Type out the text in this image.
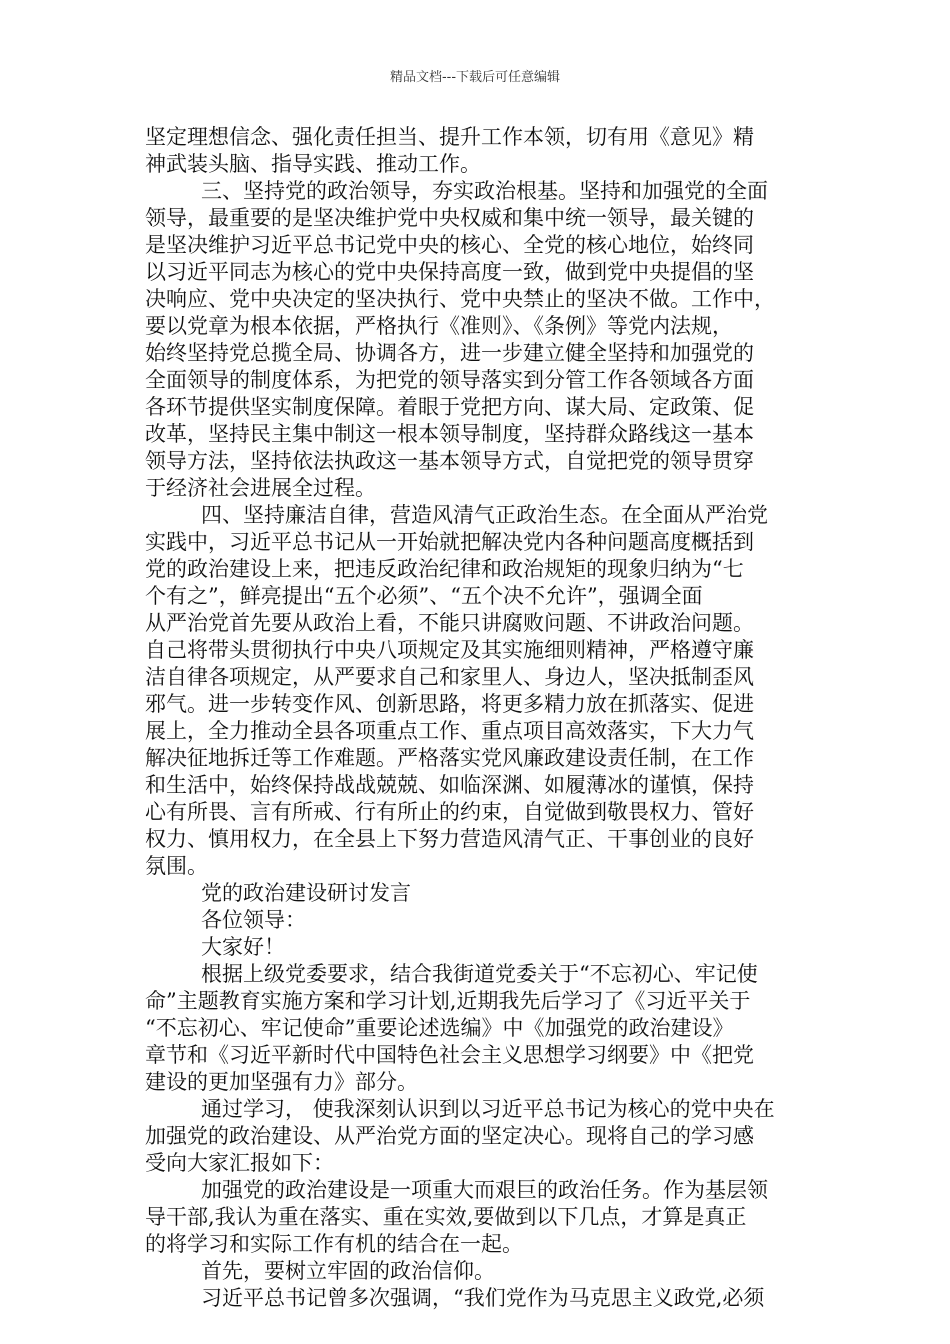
精品文档---下载后可任意编辑
坚定理想信念、强化责任担当、提升工作本领，切有用《意见》精
神武装头脑、指导实践、推动工作。
三、坚持党的政治领导，夯实政治根基。坚持和加强党的全面
领导，最重要的是坚决维护党中央权威和集中统一领导，最关键的
是坚决维护习近平总书记党中央的核心、全党的核心地位，始终同
以习近平同志为核心的党中央保持高度一致，做到党中央提倡的坚
决响应、党中央决定的坚决执行、党中央禁止的坚决不做。工作中，
要以党章为根本依据，严格执行《准则》、《条例》等党内法规，
始终坚持党总揽全局、协调各方，进一步建立健全坚持和加强党的
全面领导的制度体系，为把党的领导落实到分管工作各领域各方面
各环节提供坚实制度保障。着眼于党把方向、谋大局、定政策、促
改革，坚持民主集中制这一根本领导制度，坚持群众路线这一基本
领导方法，坚持依法执政这一基本领导方式，自觉把党的领导贯穿
于经济社会进展全过程。
四、坚持廉洁自律，营造风清气正政治生态。在全面从严治党
实践中，习近平总书记从一开始就把解决党内各种问题高度概括到
党的政治建设上来，把违反政治纪律和政治规矩的现象归纳为“七
个有之”，鲜亮提出“五个必须”、“五个决不允许”，强调全面
从严治党首先要从政治上看，不能只讲腐败问题、不讲政治问题。
自己将带头贯彻执行中央八项规定及其实施细则精神，严格遵守廉
洁自律各项规定，从严要求自己和家里人、身边人，坚决抵制歪风
邪气。进一步转变作风、创新思路，将更多精力放在抓落实、促进
展上，全力推动全县各项重点工作、重点项目高效落实，下大力气
解决征地拆迁等工作难题。严格落实党风廉政建设责任制，在工作
和生活中，始终保持战战兢兢、如临深渊、如履薄冰的谨慎，保持
心有所畏、言有所戒、行有所止的约束，自觉做到敬畏权力、管好
权力、慎用权力，在全县上下努力营造风清气正、干事创业的良好
氛围。
党的政治建设研讨发言
各位领导：
大家好！
根据上级党委要求，结合我街道党委关于“不忘初心、牢记使
命”主题教育实施方案和学习计划,近期我先后学习了《习近平关于
“不忘初心、牢记使命”重要论述选编》中《加强党的政治建设》
章节和《习近平新时代中国特色社会主义思想学习纲要》中《把党
建设的更加坚强有力》部分。
通过学习， 使我深刻认识到以习近平总书记为核心的党中央在
加强党的政治建设、从严治党方面的坚定决心。现将自己的学习感
受向大家汇报如下：
加强党的政治建设是一项重大而艰巨的政治任务。作为基层领
导干部,我认为重在落实、重在实效,要做到以下几点，才算是真正
的将学习和实际工作有机的结合在一起。
首先，要树立牢固的政治信仰。
习近平总书记曾多次强调，“我们党作为马克思主义政党,必须
